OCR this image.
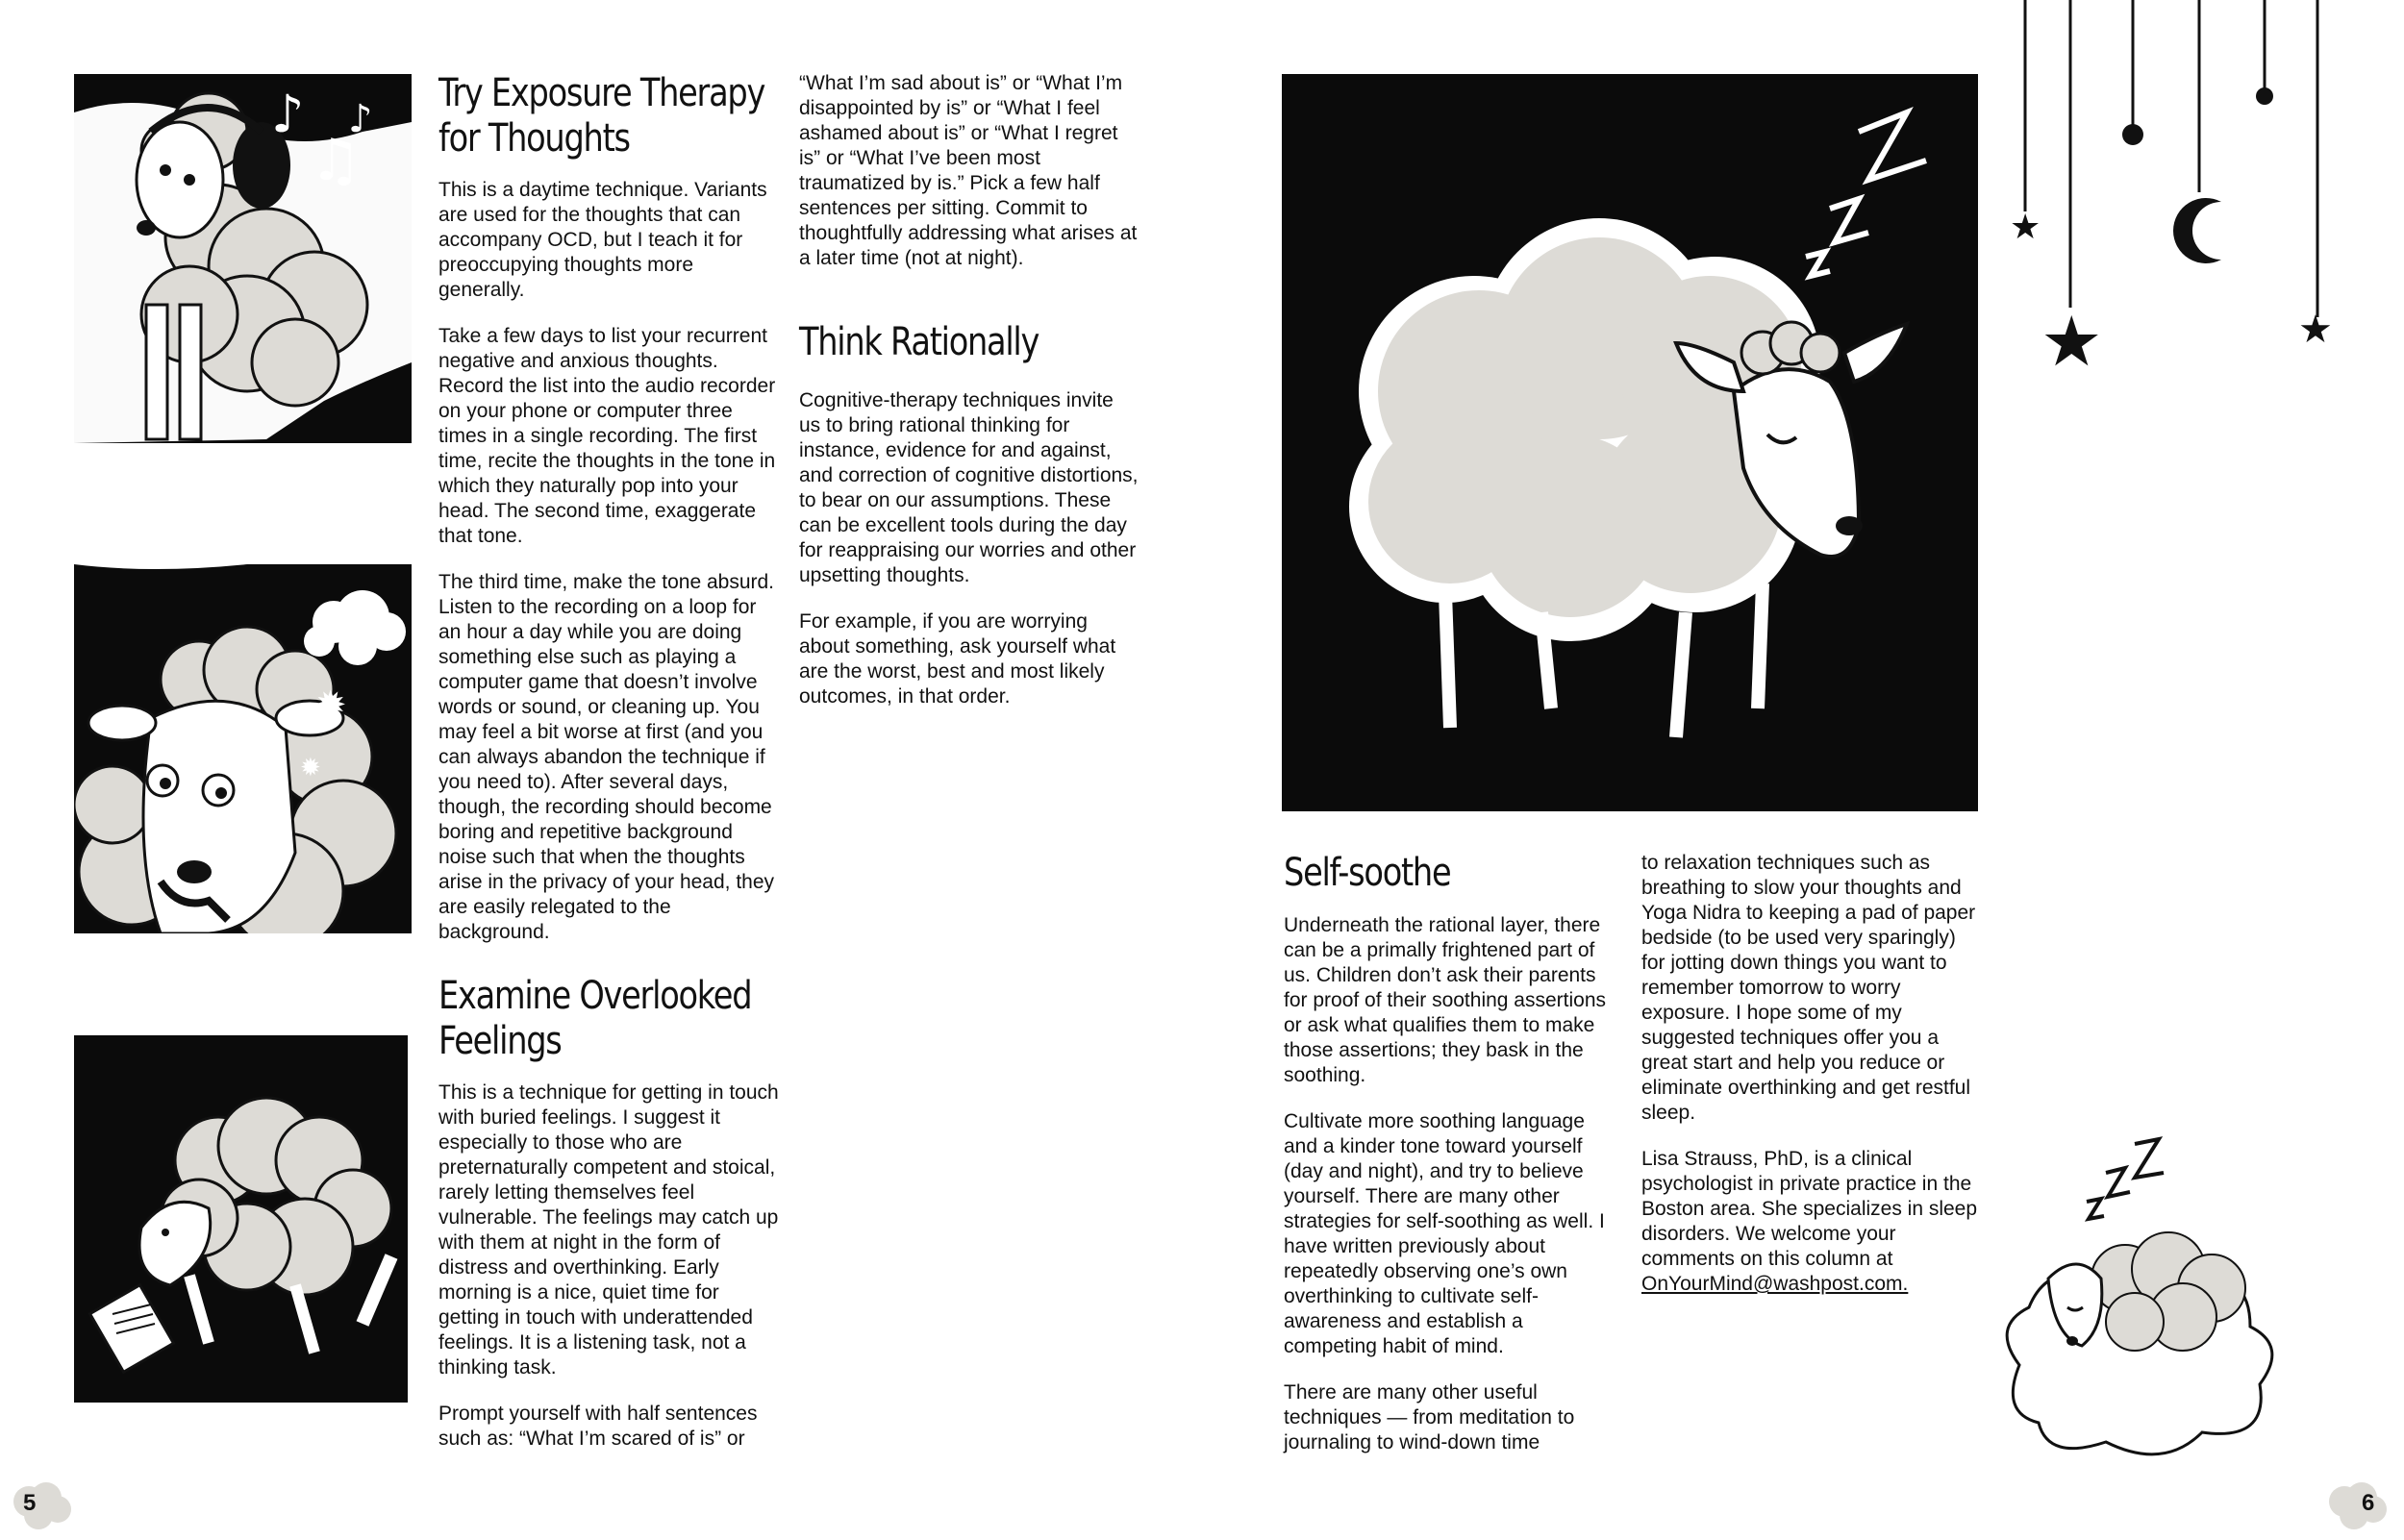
♪
♫
♪
✹
✹
Try Exposure Therapy
for Thoughts

This is a daytime technique. Variants are used for the thoughts that can accompany OCD, but I teach it for preoccupying thoughts more generally.

Take a few days to list your recurrent negative and anxious thoughts. Record the list into the audio recorder on your phone or computer three times in a single recording. The first time, recite the thoughts in the tone in which they naturally pop into your head. The second time, exaggerate that tone.

The third time, make the tone absurd. Listen to the recording on a loop for an hour a day while you are doing something else such as playing a computer game that doesn’t involve words or sound, or cleaning up. You may feel a bit worse at first (and you can always abandon the technique if you need to). After several days, though, the recording should become boring and repetitive background noise such that when the thoughts arise in the privacy of your head, they are easily relegated to the background.

Examine Overlooked
Feelings

This is a technique for getting in touch with buried feelings. I suggest it especially to those who are preternaturally competent and stoical, rarely letting themselves feel vulnerable. The feelings may catch up with them at night in the form of distress and overthinking. Early morning is a nice, quiet time for getting in touch with underattended feelings. It is a listening task, not a thinking task.

Prompt yourself with half sentences such as: “What I’m scared of is” or

“What I’m sad about is” or “What I’m disappointed by is” or “What I feel ashamed about is” or “What I regret is” or “What I’ve been most traumatized by is.” Pick a few half sentences per sitting. Commit to thoughtfully addressing what arises at a later time (not at night).

Think Rationally

Cognitive-therapy techniques invite us to bring rational thinking for instance, evidence for and against, and correction of cognitive distortions, to bear on our assumptions. These can be excellent tools during the day for reappraising our worries and other upsetting thoughts.

For example, if you are worrying about something, ask yourself what are the worst, best and most likely outcomes, in that order.

5
★
★	★
Self-soothe

Underneath the rational layer, there can be a primally frightened part of us. Children don’t ask their parents for proof of their soothing assertions or ask what qualifies them to make those assertions; they bask in the soothing.

Cultivate more soothing language and a kinder tone toward yourself (day and night), and try to believe yourself. There are many other strategies for self-soothing as well. I have written previously about repeatedly observing one’s own overthinking to cultivate self-awareness and establish a competing habit of mind.

There are many other useful techniques — from meditation to journaling to wind-down time

to relaxation techniques such as breathing to slow your thoughts and Yoga Nidra to keeping a pad of paper bedside (to be used very sparingly) for jotting down things you want to remember tomorrow to worry exposure. I hope some of my suggested techniques offer you a great start and help you reduce or eliminate overthinking and get restful sleep.

Lisa Strauss, PhD, is a clinical psychologist in private practice in the Boston area. She specializes in sleep disorders. We welcome your comments on this column at OnYourMind@washpost.com.

6
